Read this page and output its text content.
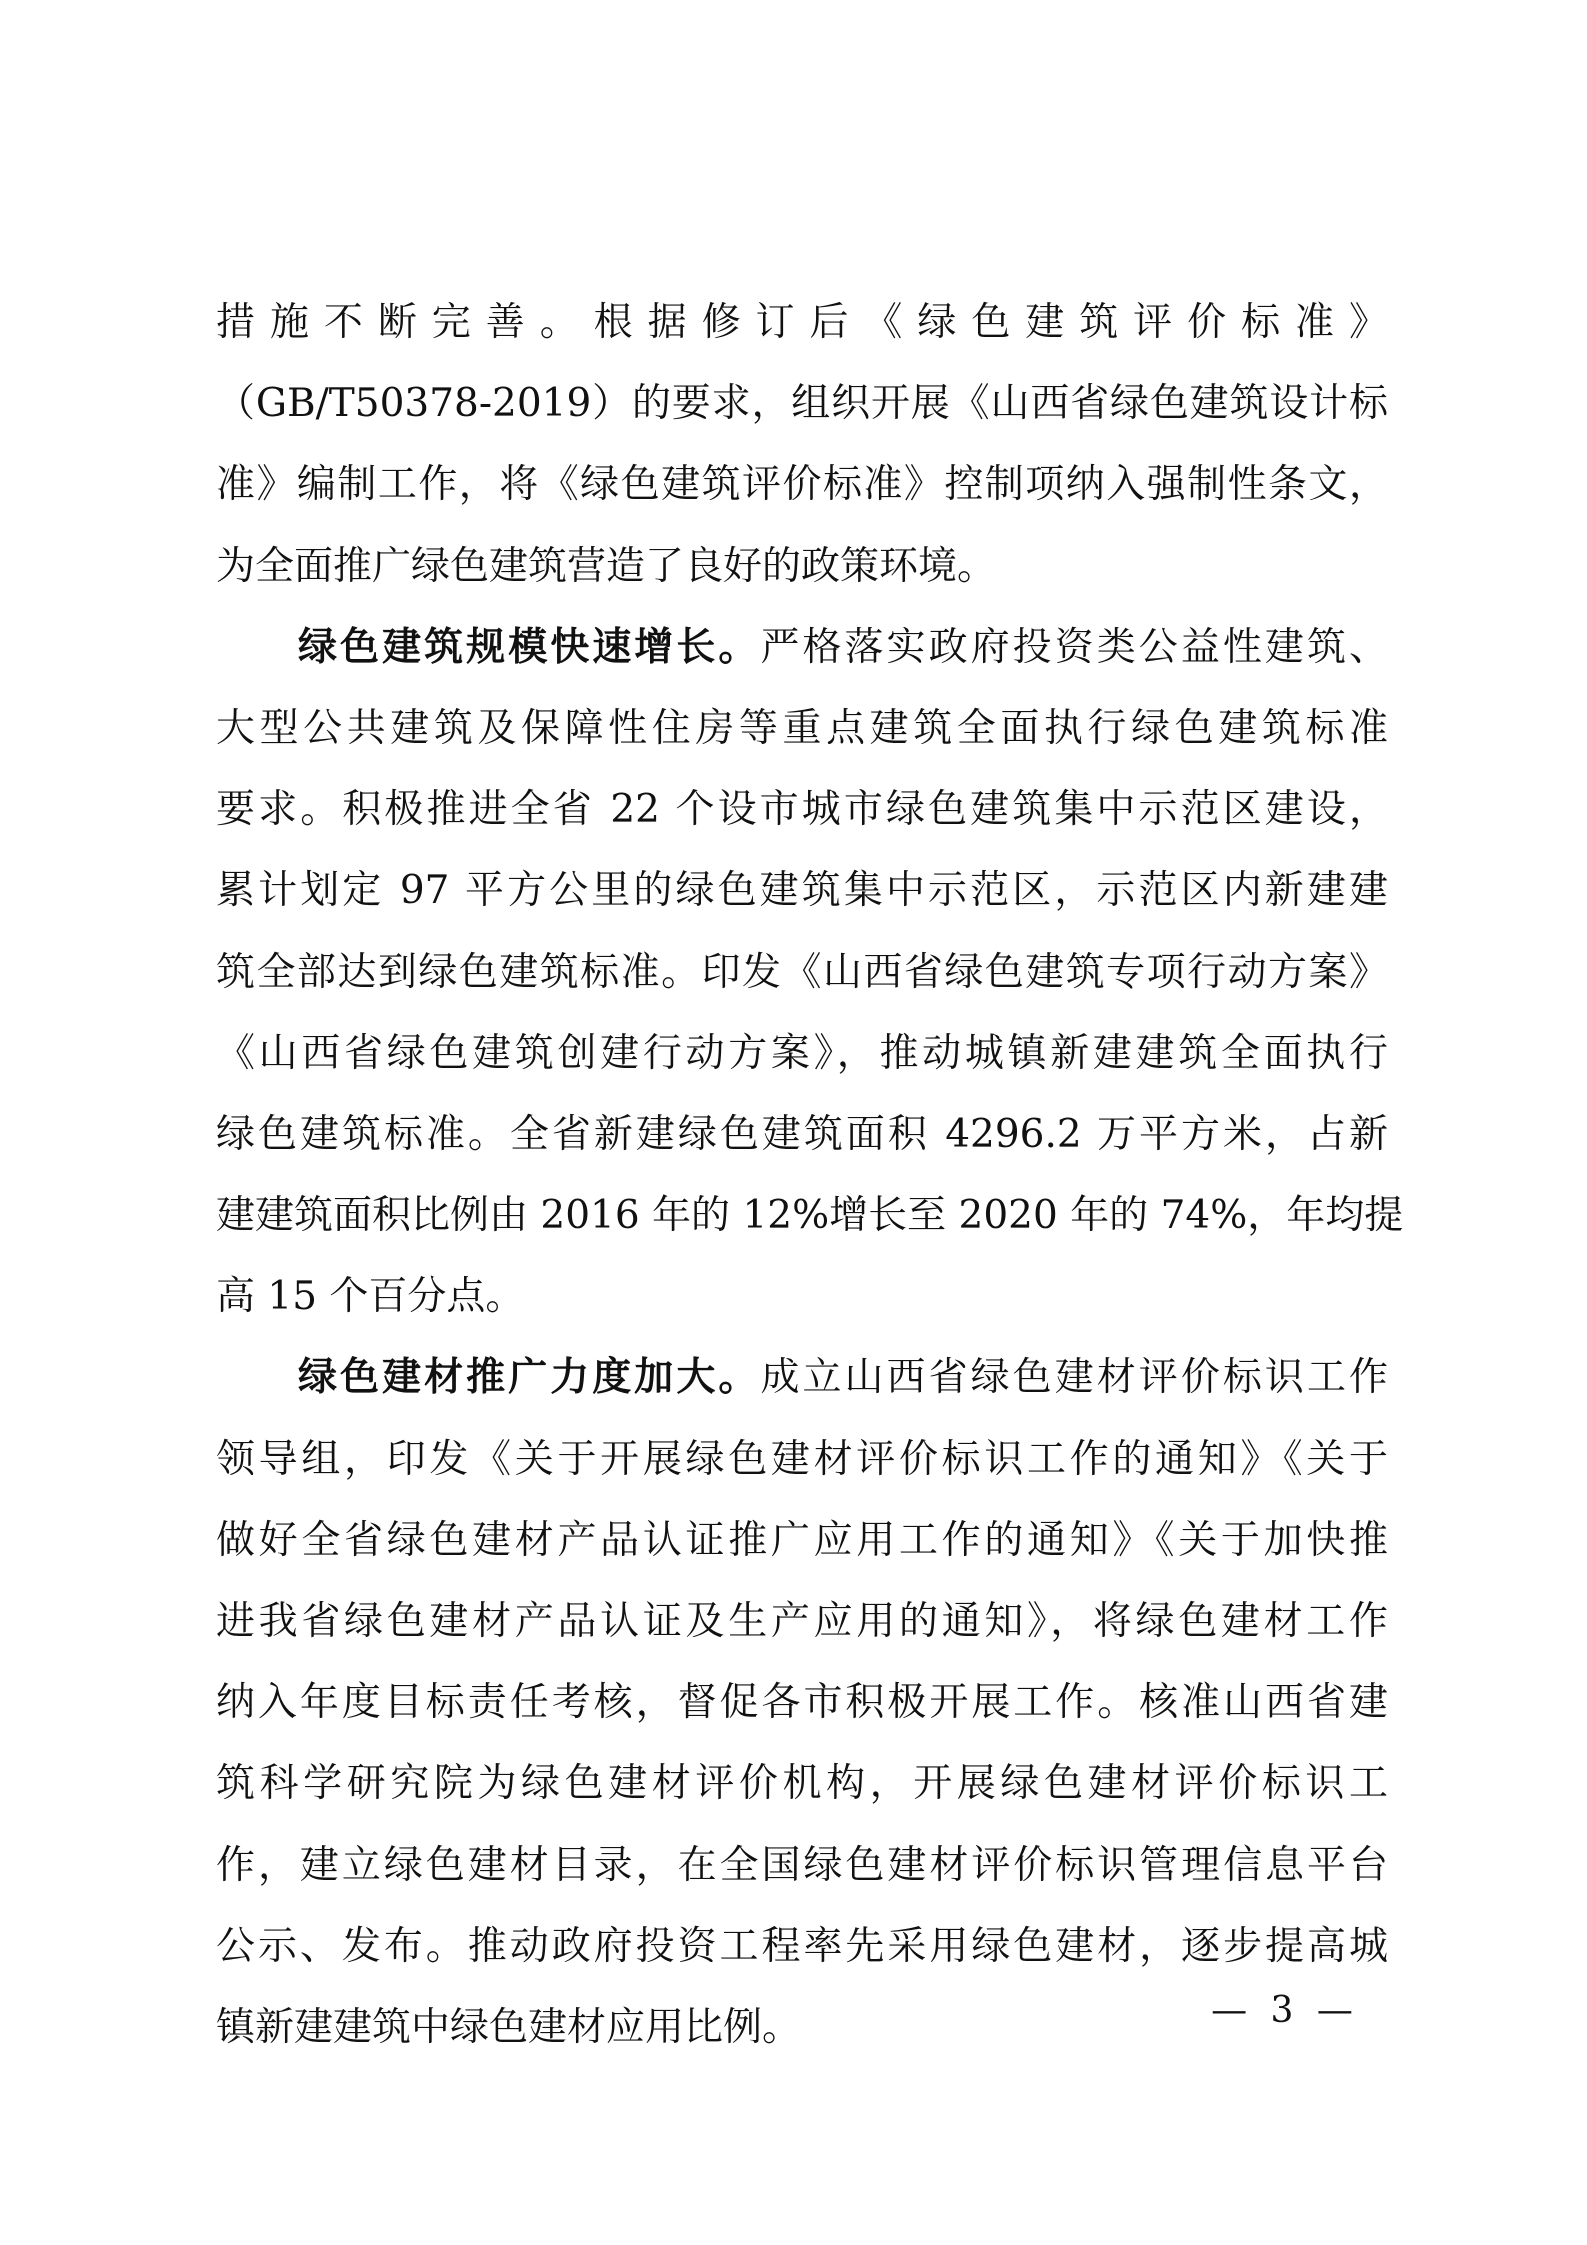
措施不断完善。根据修订后《绿色建筑评价标准》
（GB/T50378-2019）的要求，组织开展《山西省绿色建筑设计标
准》编制工作，将《绿色建筑评价标准》控制项纳入强制性条文，
为全面推广绿色建筑营造了良好的政策环境。
绿色建筑规模快速增长。严格落实政府投资类公益性建筑、
大型公共建筑及保障性住房等重点建筑全面执行绿色建筑标准
要求。积极推进全省 22 个设市城市绿色建筑集中示范区建设，
累计划定 97 平方公里的绿色建筑集中示范区，示范区内新建建
筑全部达到绿色建筑标准。印发《山西省绿色建筑专项行动方案》
《山西省绿色建筑创建行动方案》，推动城镇新建建筑全面执行
绿色建筑标准。全省新建绿色建筑面积 4296.2 万平方米，占新
建建筑面积比例由 2016 年的 12%增长至 2020 年的 74%，年均提
高 15 个百分点。
绿色建材推广力度加大。成立山西省绿色建材评价标识工作
领导组，印发《关于开展绿色建材评价标识工作的通知》《关于
做好全省绿色建材产品认证推广应用工作的通知》《关于加快推
进我省绿色建材产品认证及生产应用的通知》，将绿色建材工作
纳入年度目标责任考核，督促各市积极开展工作。核准山西省建
筑科学研究院为绿色建材评价机构，开展绿色建材评价标识工
作，建立绿色建材目录，在全国绿色建材评价标识管理信息平台
公示、发布。推动政府投资工程率先采用绿色建材，逐步提高城
镇新建建筑中绿色建材应用比例。	— 3 —
